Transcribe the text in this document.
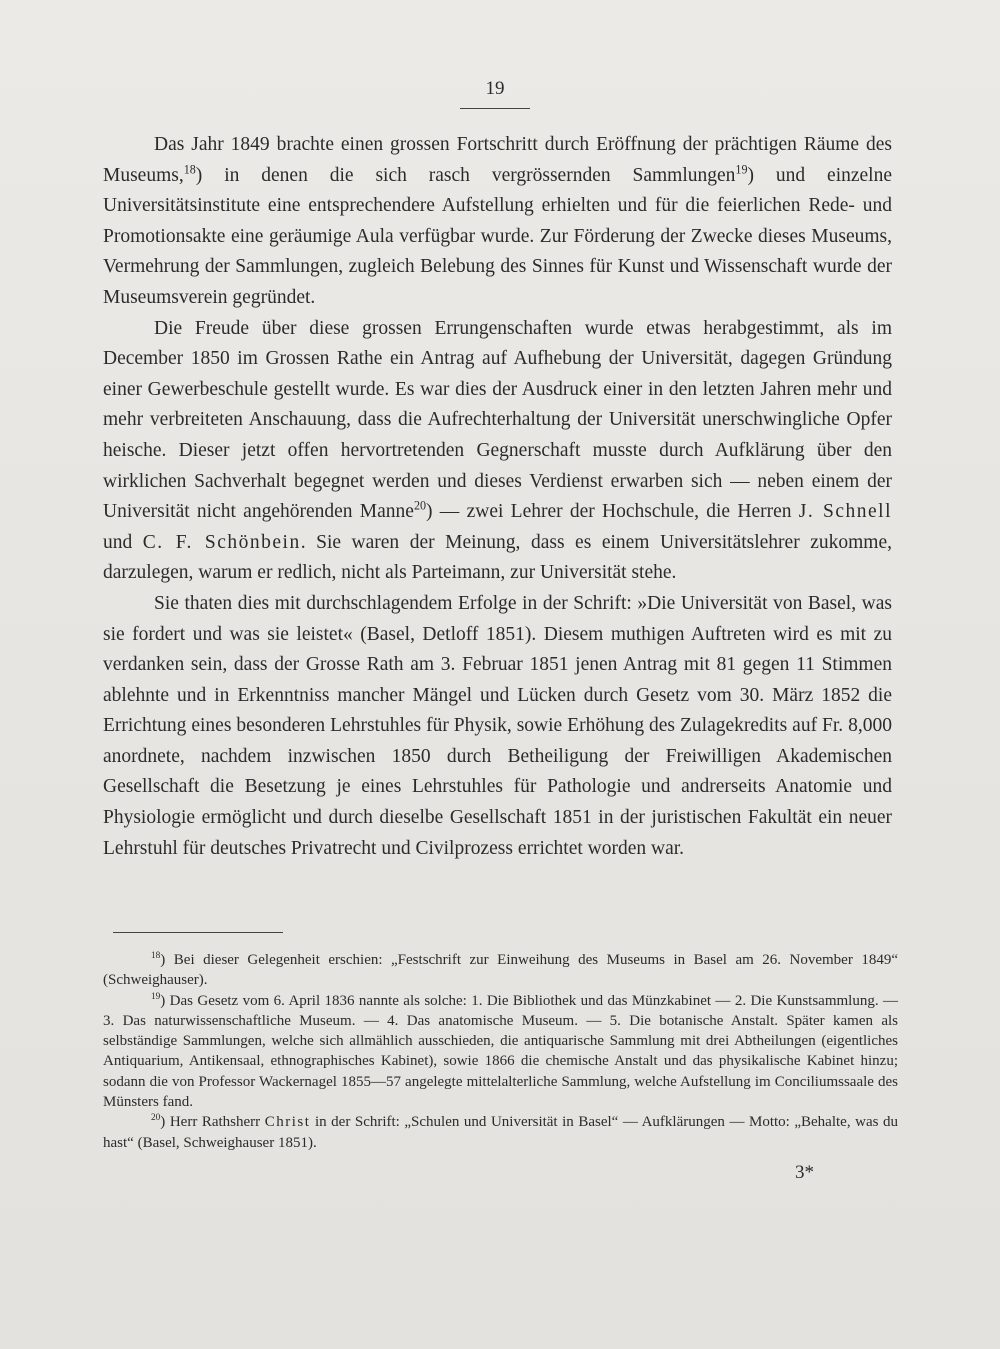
19

Das Jahr 1849 brachte einen grossen Fortschritt durch Eröffnung der prächtigen Räume des Museums,$^{18}$) in denen die sich rasch vergrössernden Sammlungen$^{19}$) und einzelne Universitätsinstitute eine entsprechendere Aufstellung erhielten und für die feierlichen Rede- und Promotionsakte eine geräumige Aula verfügbar wurde. Zur Förderung der Zwecke dieses Museums, Vermehrung der Sammlungen, zugleich Belebung des Sinnes für Kunst und Wissenschaft wurde der Museumsverein gegründet.

Die Freude über diese grossen Errungenschaften wurde etwas herabgestimmt, als im December 1850 im Grossen Rathe ein Antrag auf Aufhebung der Universität, dagegen Gründung einer Gewerbeschule gestellt wurde. Es war dies der Ausdruck einer in den letzten Jahren mehr und mehr verbreiteten Anschauung, dass die Aufrechterhaltung der Universität unerschwingliche Opfer heische. Dieser jetzt offen hervortretenden Gegnerschaft musste durch Aufklärung über den wirklichen Sachverhalt begegnet werden und dieses Verdienst erwarben sich — neben einem der Universität nicht angehörenden Manne$^{20}$) — zwei Lehrer der Hochschule, die Herren J. Schnell und C. F. Schönbein. Sie waren der Meinung, dass es einem Universitätslehrer zukomme, darzulegen, warum er redlich, nicht als Parteimann, zur Universität stehe.

Sie thaten dies mit durchschlagendem Erfolge in der Schrift: »Die Universität von Basel, was sie fordert und was sie leistet« (Basel, Detloff 1851). Diesem muthigen Auftreten wird es mit zu verdanken sein, dass der Grosse Rath am 3. Februar 1851 jenen Antrag mit 81 gegen 11 Stimmen ablehnte und in Erkenntniss mancher Mängel und Lücken durch Gesetz vom 30. März 1852 die Errichtung eines besonderen Lehrstuhles für Physik, sowie Erhöhung des Zulagekredits auf Fr. 8,000 anordnete, nachdem inzwischen 1850 durch Betheiligung der Freiwilligen Akademischen Gesellschaft die Besetzung je eines Lehrstuhles für Pathologie und andrerseits Anatomie und Physiologie ermöglicht und durch dieselbe Gesellschaft 1851 in der juristischen Fakultät ein neuer Lehrstuhl für deutsches Privatrecht und Civilprozess errichtet worden war.

$^{18}$) Bei dieser Gelegenheit erschien: „Festschrift zur Einweihung des Museums in Basel am 26. November 1849“ (Schweighauser).

$^{19}$) Das Gesetz vom 6. April 1836 nannte als solche: 1. Die Bibliothek und das Münzkabinet — 2. Die Kunstsammlung. — 3. Das naturwissenschaftliche Museum. — 4. Das anatomische Museum. — 5. Die botanische Anstalt. Später kamen als selbständige Sammlungen, welche sich allmählich ausschieden, die antiquarische Sammlung mit drei Abtheilungen (eigentliches Antiquarium, Antikensaal, ethnographisches Kabinet), sowie 1866 die chemische Anstalt und das physikalische Kabinet hinzu; sodann die von Professor Wackernagel 1855—57 angelegte mittelalterliche Sammlung, welche Aufstellung im Conciliumssaale des Münsters fand.

$^{20}$) Herr Rathsherr Christ in der Schrift: „Schulen und Universität in Basel“ — Aufklärungen — Motto: „Behalte, was du hast“ (Basel, Schweighauser 1851).

3*
